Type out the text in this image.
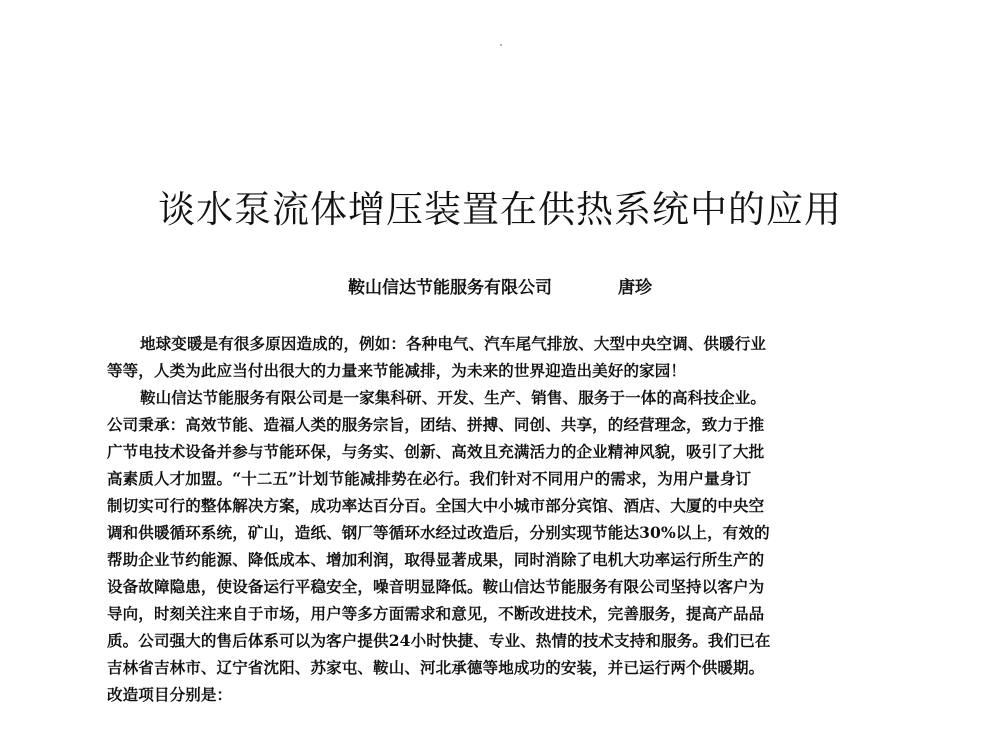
谈水泵流体增压装置在供热系统中的应用
鞍山信达节能服务有限公司	唐珍
地球变暖是有很多原因造成的，例如：各种电气、汽车尾气排放、大型中央空调、供暖行业
等等，人类为此应当付出很大的力量来节能减排，为未来的世界迎造出美好的家园！
鞍山信达节能服务有限公司是一家集科研、开发、生产、销售、服务于一体的高科技企业。
公司秉承：高效节能、造福人类的服务宗旨，团结、拼搏、同创、共享，的经营理念，致力于推
广节电技术设备并参与节能环保，与务实、创新、高效且充满活力的企业精神风貌，吸引了大批
高素质人才加盟。“十二五”计划节能减排势在必行。我们针对不同用户的需求，为用户量身订
制切实可行的整体解决方案，成功率达百分百。全国大中小城市部分宾馆、酒店、大厦的中央空
调和供暖循环系统，矿山，造纸、钢厂等循环水经过改造后，分别实现节能达30%以上，有效的
帮助企业节约能源、降低成本、增加利润，取得显著成果，同时消除了电机大功率运行所生产的
设备故障隐患，使设备运行平稳安全，噪音明显降低。鞍山信达节能服务有限公司坚持以客户为
导向，时刻关注来自于市场，用户等多方面需求和意见，不断改进技术，完善服务，提高产品品
质。公司强大的售后体系可以为客户提供24小时快捷、专业、热情的技术支持和服务。我们已在
吉林省吉林市、辽宁省沈阳、苏家屯、鞍山、河北承德等地成功的安装，并已运行两个供暖期。
改造项目分别是：
